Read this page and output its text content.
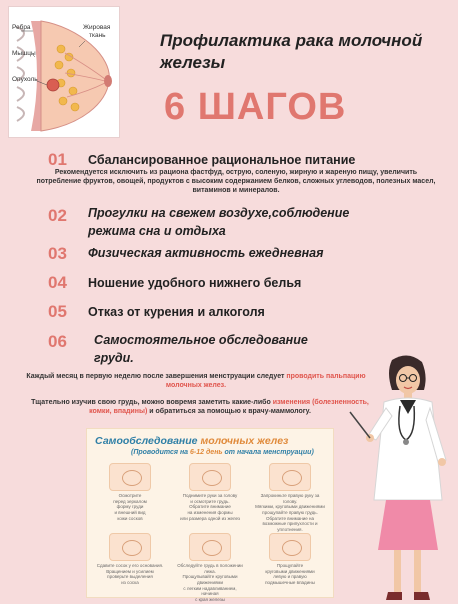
Ребра	Жировая
ткань
Мышцы
Опухоль
Профилактика рака молочной
железы
6 ШАГОВ
01 Сбалансированное рациональное питание
Рекомендуется исключить из рациона фастфуд, острую, соленую, жирную и жареную пищу, увеличить
потребление фруктов, овощей, продуктов с высоким содержанием белков, сложных углеводов, полезных масел,
витаминов и минералов.
02 Прогулки на свежем воздухе,соблюдение
режима сна и отдыха
03 Физическая активность ежедневная
04 Ношение удобного нижнего белья
05 Отказ от курения и алкоголя
06 Самостоятельное обследование
груди.
Каждый месяц в первую неделю после завершения менструации следует проводить пальпацию
молочных желез.
Тщательно изучив свою грудь, можно вовремя заметить какие-либо изменения (болезненность,
комки, впадины) и обратиться за помощью к врачу-маммологу.
Самообследование молочных желез
(Проводится на 6-12 день от начала менструации)
Осмотрите
перед зеркалом
форму груди
и внешний вид
кожи сосков
Поднимите руки за голову
и осмотрите грудь.
Обратите внимание
на изменения формы
или размера одной из желез
Запрокиньте правую руку за голову.
Мягкими, круговыми движениями
прощупайте правую грудь.
Обратите внимание на
возможные припухлости и уплотнения.
Сдавите сосок у его основания.
Вращением и усилием
проверьте выделения
из соска
Обследуйте грудь в положении лежа.
Прощупывайте круговыми движениями
с легким надавливанием, начиная
с края железы
Прощупайте
круговыми движениями
левую и правую
подмышечные впадины
